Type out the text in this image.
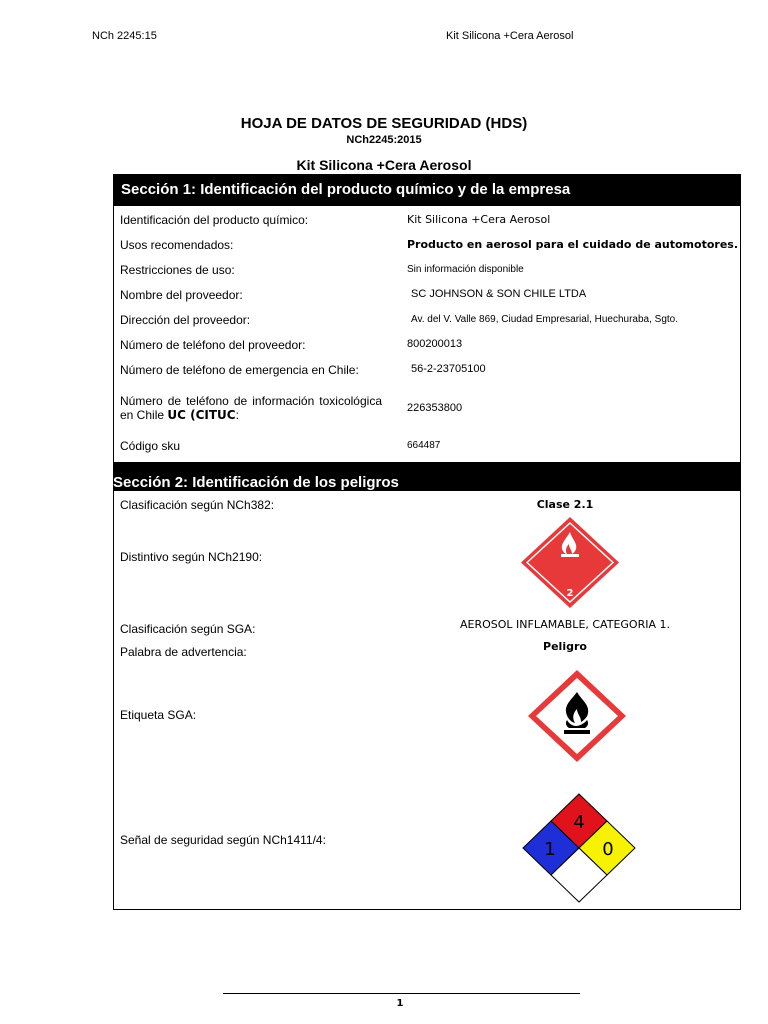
NCh 2245:15	Kit Silicona +Cera Aerosol
HOJA DE DATOS DE SEGURIDAD (HDS)
NCh2245:2015
Kit Silicona +Cera Aerosol
Sección 1: Identificación del producto químico y de la empresa
Identificación del producto químico:	Kit Silicona +Cera Aerosol
Usos recomendados:	Producto en aerosol para el cuidado de automotores.
Restricciones de uso:	Sin información disponible
Nombre del proveedor:	SC JOHNSON & SON CHILE LTDA
Dirección del proveedor:	Av. del V. Valle 869, Ciudad Empresarial, Huechuraba, Sgto.
Número de teléfono del proveedor:	800200013
Número de teléfono de emergencia en Chile:	56-2-23705100
Número de teléfono de información toxicológica en Chile UC (CITUC:	226353800
Código sku	664487
Sección 2: Identificación de los peligros
Clasificación según NCh382:	Clase 2.1
Distintivo según NCh2190:
2
Clasificación según SGA:	AEROSOL INFLAMABLE, CATEGORIA 1.
Palabra de advertencia:	Peligro
Etiqueta SGA:
Señal de seguridad según NCh1411/4:
4
1	0
1
